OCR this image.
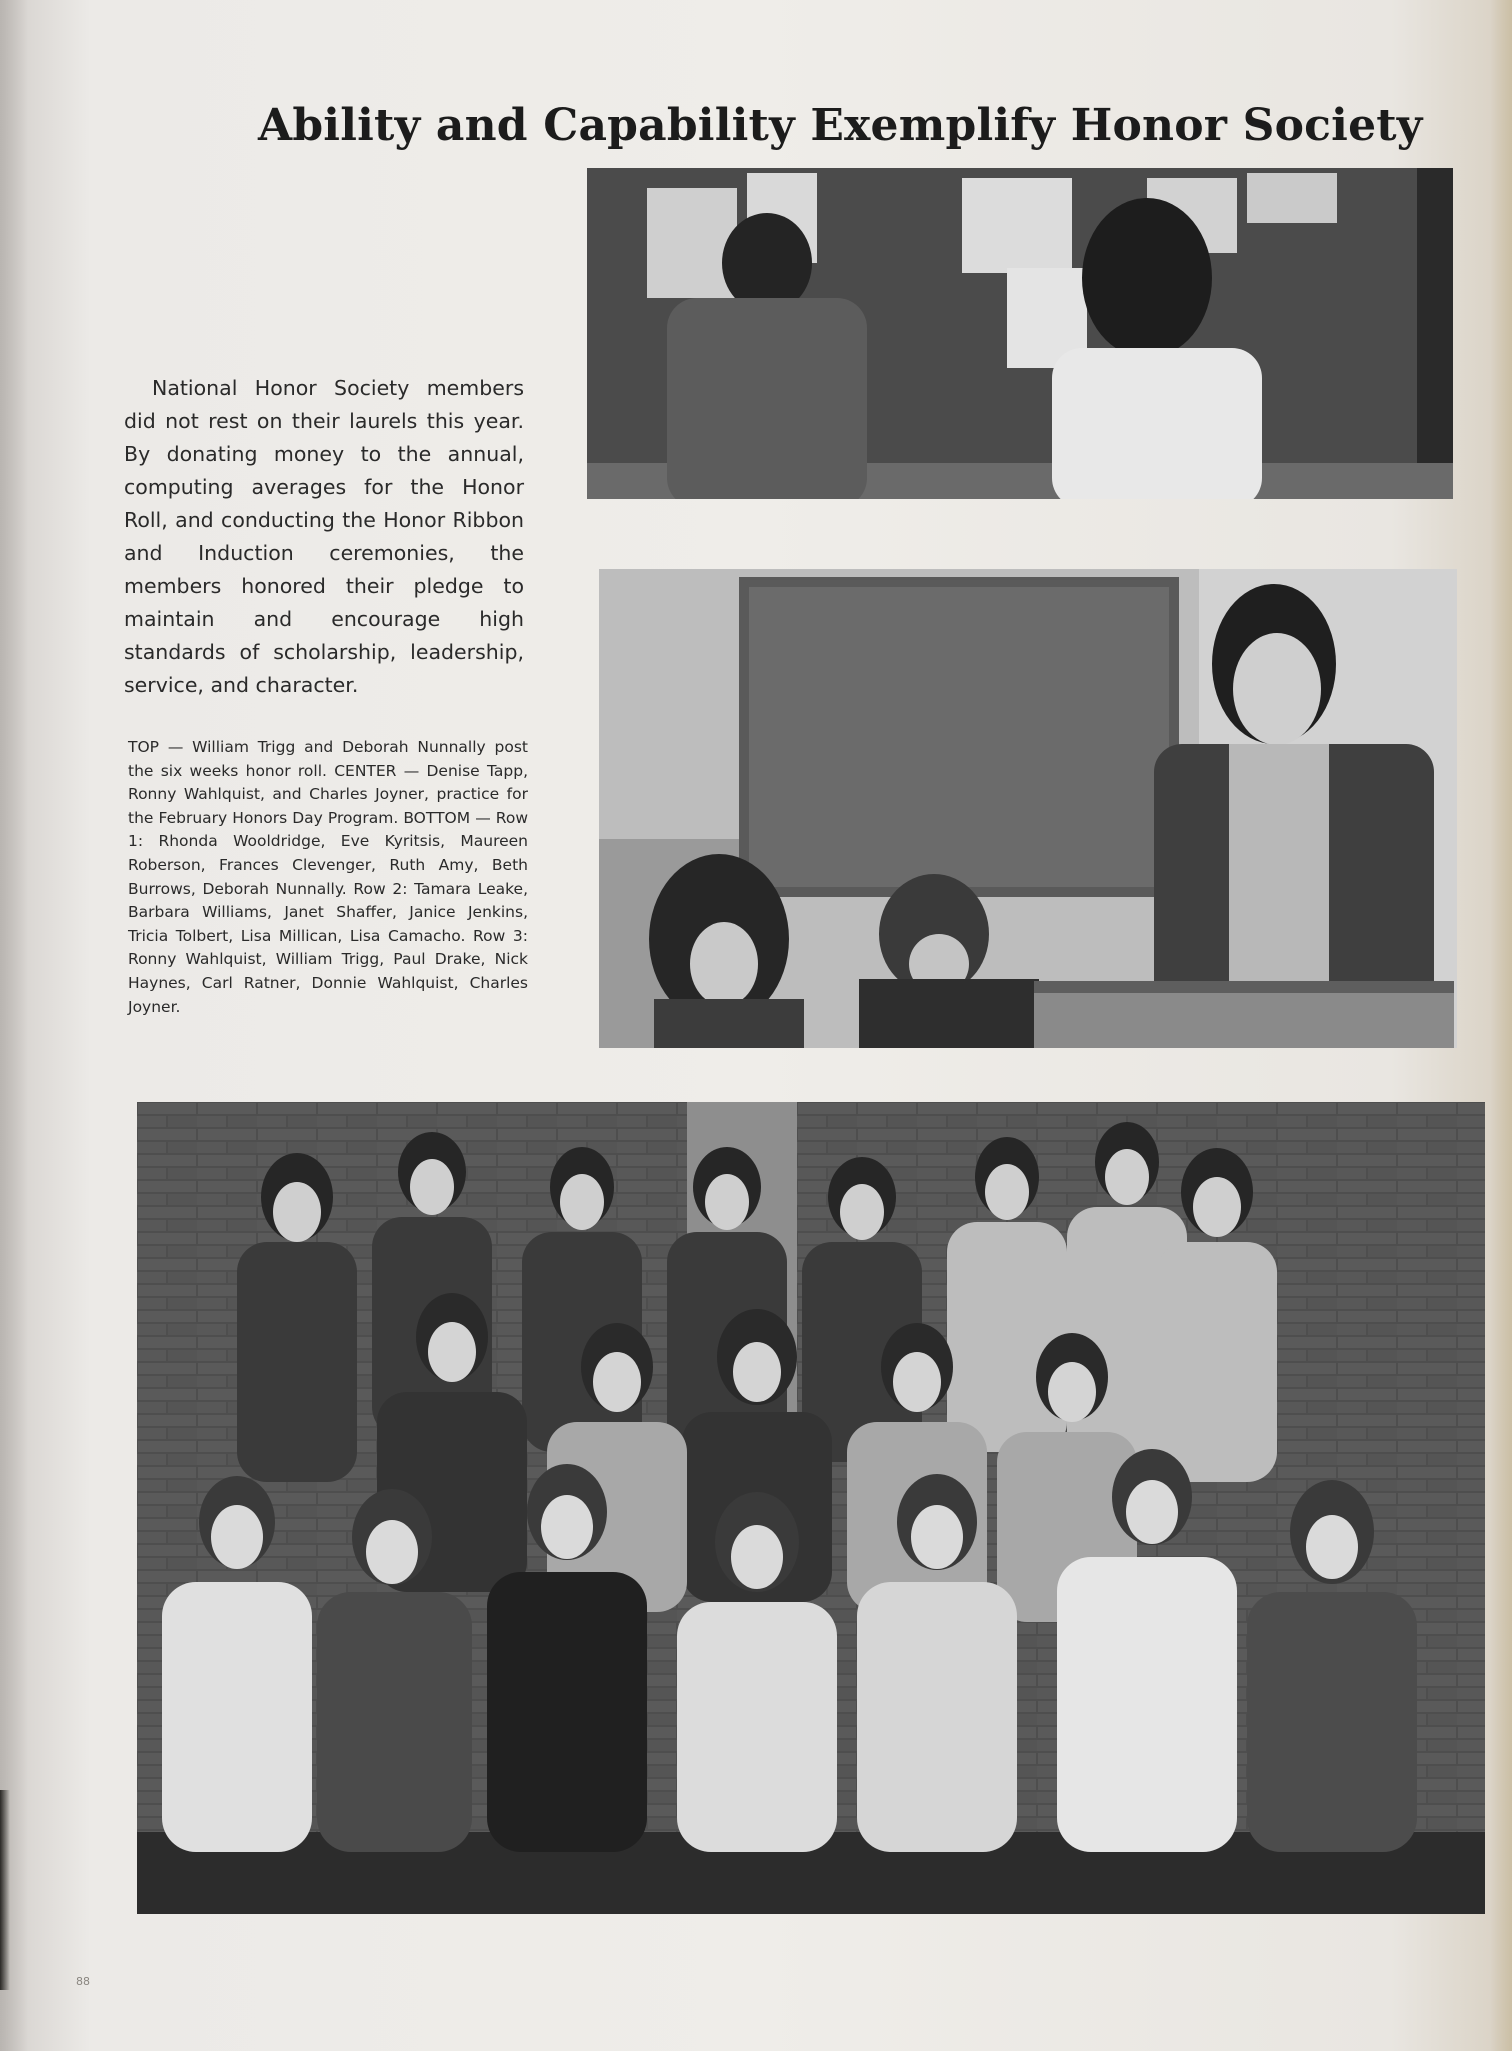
Ability and Capability Exemplify Honor Society
National Honor Society members did not rest on their laurels this year. By donating money to the annual, computing averages for the Honor Roll, and conducting the Honor Ribbon and Induction ceremonies, the members honored their pledge to maintain and encourage high standards of scholarship, leadership, service, and character.
TOP — William Trigg and Deborah Nunnally post the six weeks honor roll. CENTER — Denise Tapp, Ronny Wahlquist, and Charles Joyner, practice for the February Honors Day Program. BOTTOM — Row 1: Rhonda Wooldridge, Eve Kyritsis, Maureen Roberson, Frances Clevenger, Ruth Amy, Beth Burrows, Deborah Nunnally. Row 2: Tamara Leake, Barbara Williams, Janet Shaffer, Janice Jenkins, Tricia Tolbert, Lisa Millican, Lisa Camacho. Row 3: Ronny Wahlquist, William Trigg, Paul Drake, Nick Haynes, Carl Ratner, Donnie Wahlquist, Charles Joyner.
88
